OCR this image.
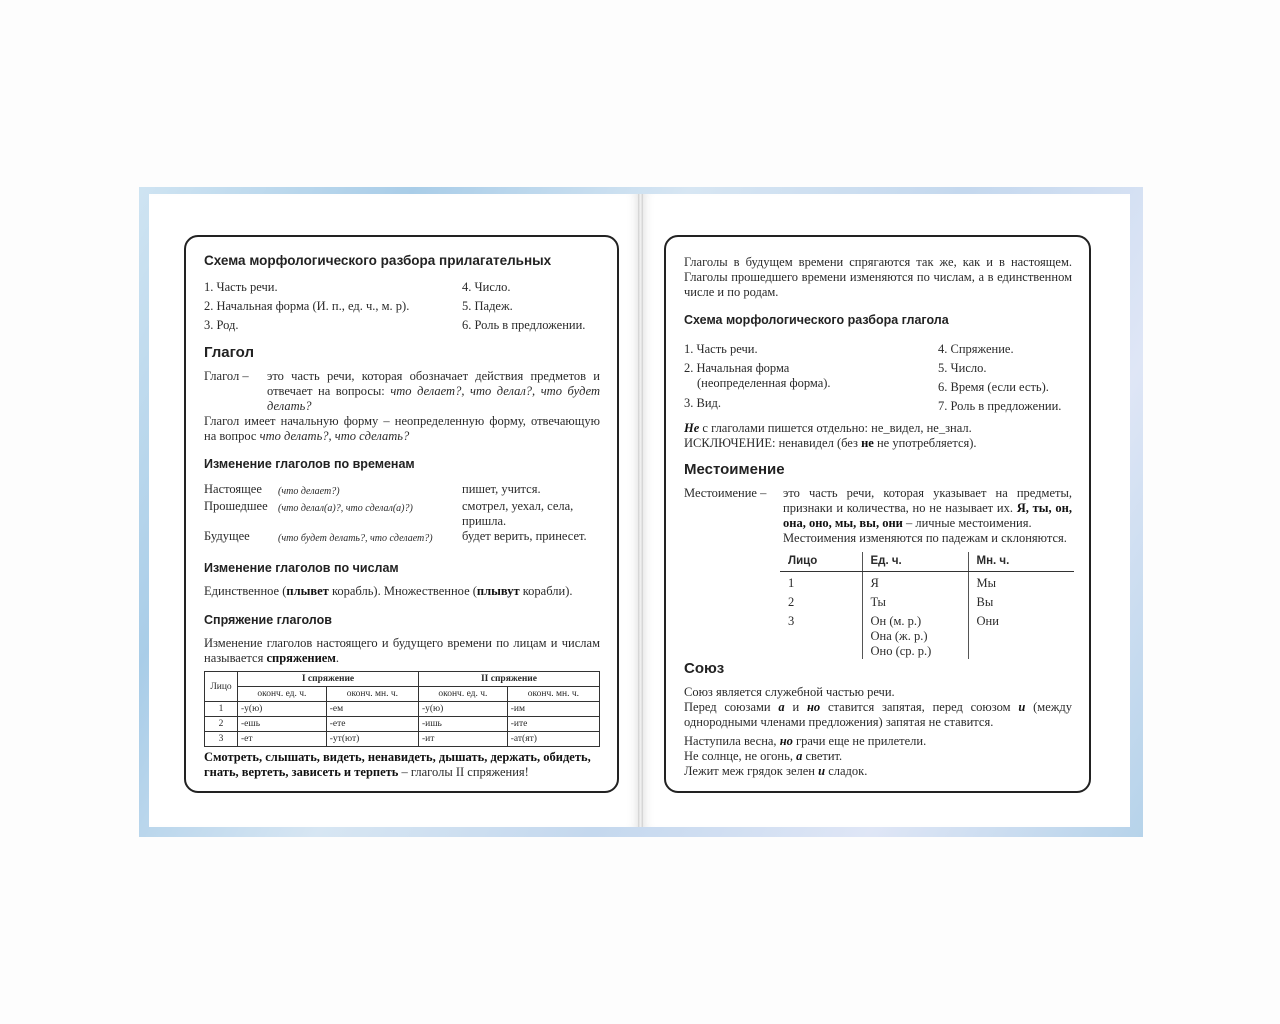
Схема морфологического разбора прилагательных
1. Часть речи.	4. Число.
2. Начальная форма (И. п., ед. ч., м. р).	5. Падеж.
3. Род.	6. Роль в предложении.
Глагол
Глагол –	это часть речи, которая обозначает действия предметов и отвечает на вопросы: что делает?, что делал?, что будет делать?
Глагол имеет начальную форму – неопределенную форму, отвечающую на вопрос что делать?, что сделать?
Изменение глаголов по временам
Настоящее	(что делает?)	пишет, учится.
Прошедшее	(что делал(а)?, что сделал(а)?)	смотрел, уехал, села, пришла.
Будущее	(что будет делать?, что сделает?)	будет верить, принесет.
Изменение глаголов по числам
Единственное (плывет корабль). Множественное (плывут корабли).
Спряжение глаголов
Изменение глаголов настоящего и будущего времени по лицам и числам называется спряжением.
Лицо	I спряжение		II спряжение	
	оконч. ед. ч.	оконч. мн. ч.	оконч. ед. ч.	оконч. мн. ч.
1	-у(ю)	-ем	-у(ю)	-им
2	-ешь	-ете	-ишь	-ите
3	-ет	-ут(ют)	-ит	-ат(ят)
Смотреть, слышать, видеть, ненавидеть, дышать, держать, обидеть, гнать, вертеть, зависеть и терпеть – глаголы II спряжения!
Глаголы в будущем времени спрягаются так же, как и в настоящем. Глаголы прошедшего времени изменяются по числам, а в единственном числе и по родам.
Схема морфологического разбора глагола
1. Часть речи.
2. Начальная форма
(неопределенная форма).
3. Вид.
4. Спряжение.
5. Число.
6. Время (если есть).
7. Роль в предложении.
Не с глаголами пишется отдельно: не_видел, не_знал.
ИСКЛЮЧЕНИЕ: ненавидел (без не не употребляется).
Местоимение
Местоимение –	это часть речи, которая указывает на предметы, признаки и количества, но не называет их. Я, ты, он, она, оно, мы, вы, они – личные местоимения.
Местоимения изменяются по падежам и склоняются.
Лицо	Ед. ч.	Мн. ч.
1	Я	Мы
2	Ты	Вы
3	Он (м. р.)
Она (ж. р.)
Оно (ср. р.)	Они
Союз
Союз является служебной частью речи.
Перед союзами а и но ставится запятая, перед союзом и (между однородными членами предложения) запятая не ставится.
Наступила весна, но грачи еще не прилетели.
Не солнце, не огонь, а светит.
Лежит меж грядок зелен и сладок.
